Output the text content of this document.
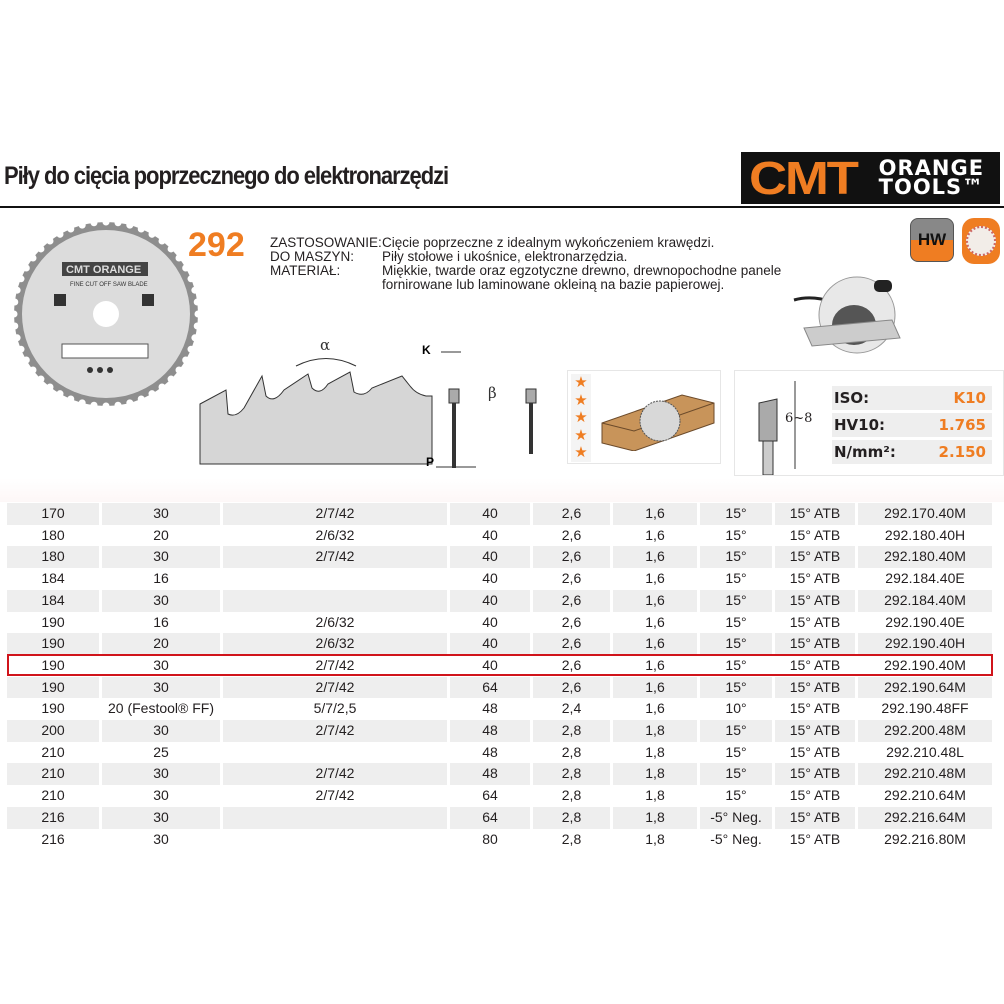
Piły do cięcia poprzecznego do elektronarzędzi	CMT ORANGE
TOOLS™
CMT ORANGE
FINE CUT OFF SAW BLADE
292 ZASTOSOWANIE: Cięcie poprzeczne z idealnym wykończeniem krawędzi.
DO MASZYN:	Piły stołowe i ukośnice, elektronarzędzia.
MATERIAŁ:	Miękkie, twarde oraz egzotyczne drewno, drewnopochodne panele
fornirowane lub laminowane okleiną na bazie papierowej.
HW
α	K
β
P
★
★
★
★
★
6~8
ISO:	K10
HV10:	1.765
N/mm²:	2.150
170	30	2/7/42	40	2,6	1,6	15°	15° ATB	292.170.40M
180	20	2/6/32	40	2,6	1,6	15°	15° ATB	292.180.40H
180	30	2/7/42	40	2,6	1,6	15°	15° ATB	292.180.40M
184	16		40	2,6	1,6	15°	15° ATB	292.184.40E
184	30		40	2,6	1,6	15°	15° ATB	292.184.40M
190	16	2/6/32	40	2,6	1,6	15°	15° ATB	292.190.40E
190	20	2/6/32	40	2,6	1,6	15°	15° ATB	292.190.40H
190	30	2/7/42	40	2,6	1,6	15°	15° ATB	292.190.40M
190	30	2/7/42	64	2,6	1,6	15°	15° ATB	292.190.64M
190	20 (Festool® FF)	5/7/2,5	48	2,4	1,6	10°	15° ATB	292.190.48FF
200	30	2/7/42	48	2,8	1,8	15°	15° ATB	292.200.48M
210	25		48	2,8	1,8	15°	15° ATB	292.210.48L
210	30	2/7/42	48	2,8	1,8	15°	15° ATB	292.210.48M
210	30	2/7/42	64	2,8	1,8	15°	15° ATB	292.210.64M
216	30		64	2,8	1,8	-5° Neg.	15° ATB	292.216.64M
216	30		80	2,8	1,8	-5° Neg.	15° ATB	292.216.80M
